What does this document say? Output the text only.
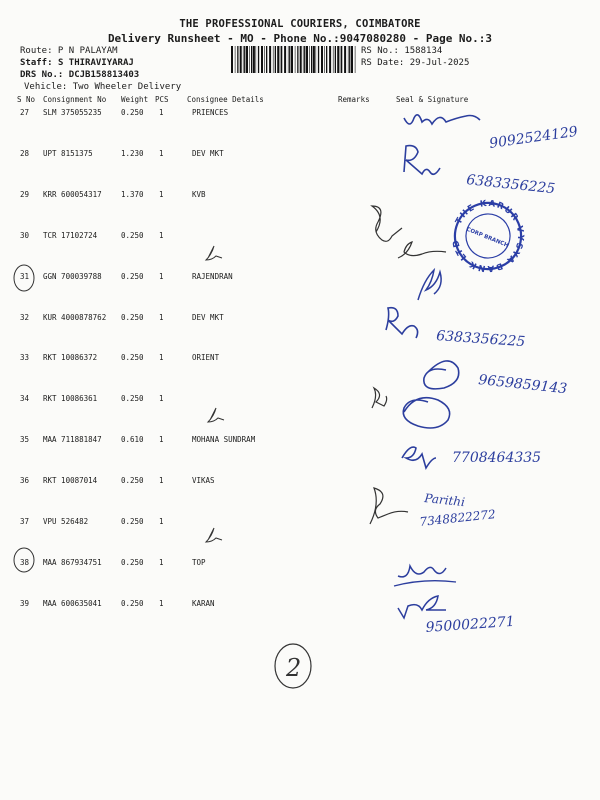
THE PROFESSIONAL COURIERS, COIMBATORE
Delivery Runsheet - MO - Phone No.:9047080280 - Page No.:3
Route: P N PALAYAM
Staff: S THIRAVIYARAJ
DRS No.: DCJB158813403
Vehicle: Two Wheeler Delivery
RS No.: 1588134
RS Date: 29-Jul-2025
S No Consignment No Weight PCS Consignee Details	Remarks	Seal & Signature
27 SLM 375055235	0.250 1	PRIENCES
28 UPT 8151375	1.230 1	DEV MKT
29 KRR 600054317	1.370 1	KVB
30 TCR 17102724	0.250 1
31 GGN 700039788	0.250 1	RAJENDRAN
32 KUR 4000878762 0.250 1	DEV MKT
33 RKT 10086372	0.250 1	ORIENT
34 RKT 10086361	0.250 1
35 MAA 711881847	0.610 1	MOHANA SUNDRAM
36 RKT 10087014	0.250 1	VIKAS
37 VPU 526482	0.250 1
38 MAA 867934751	0.250 1	TOP
39 MAA 600635041	0.250 1	KARAN
9092524129
6383356225
THE KARUR VYSYA BANK LTD CORP BRANCH
6383356225
9659859143
7708464335
Parithi
7348822272
9500022271
2
